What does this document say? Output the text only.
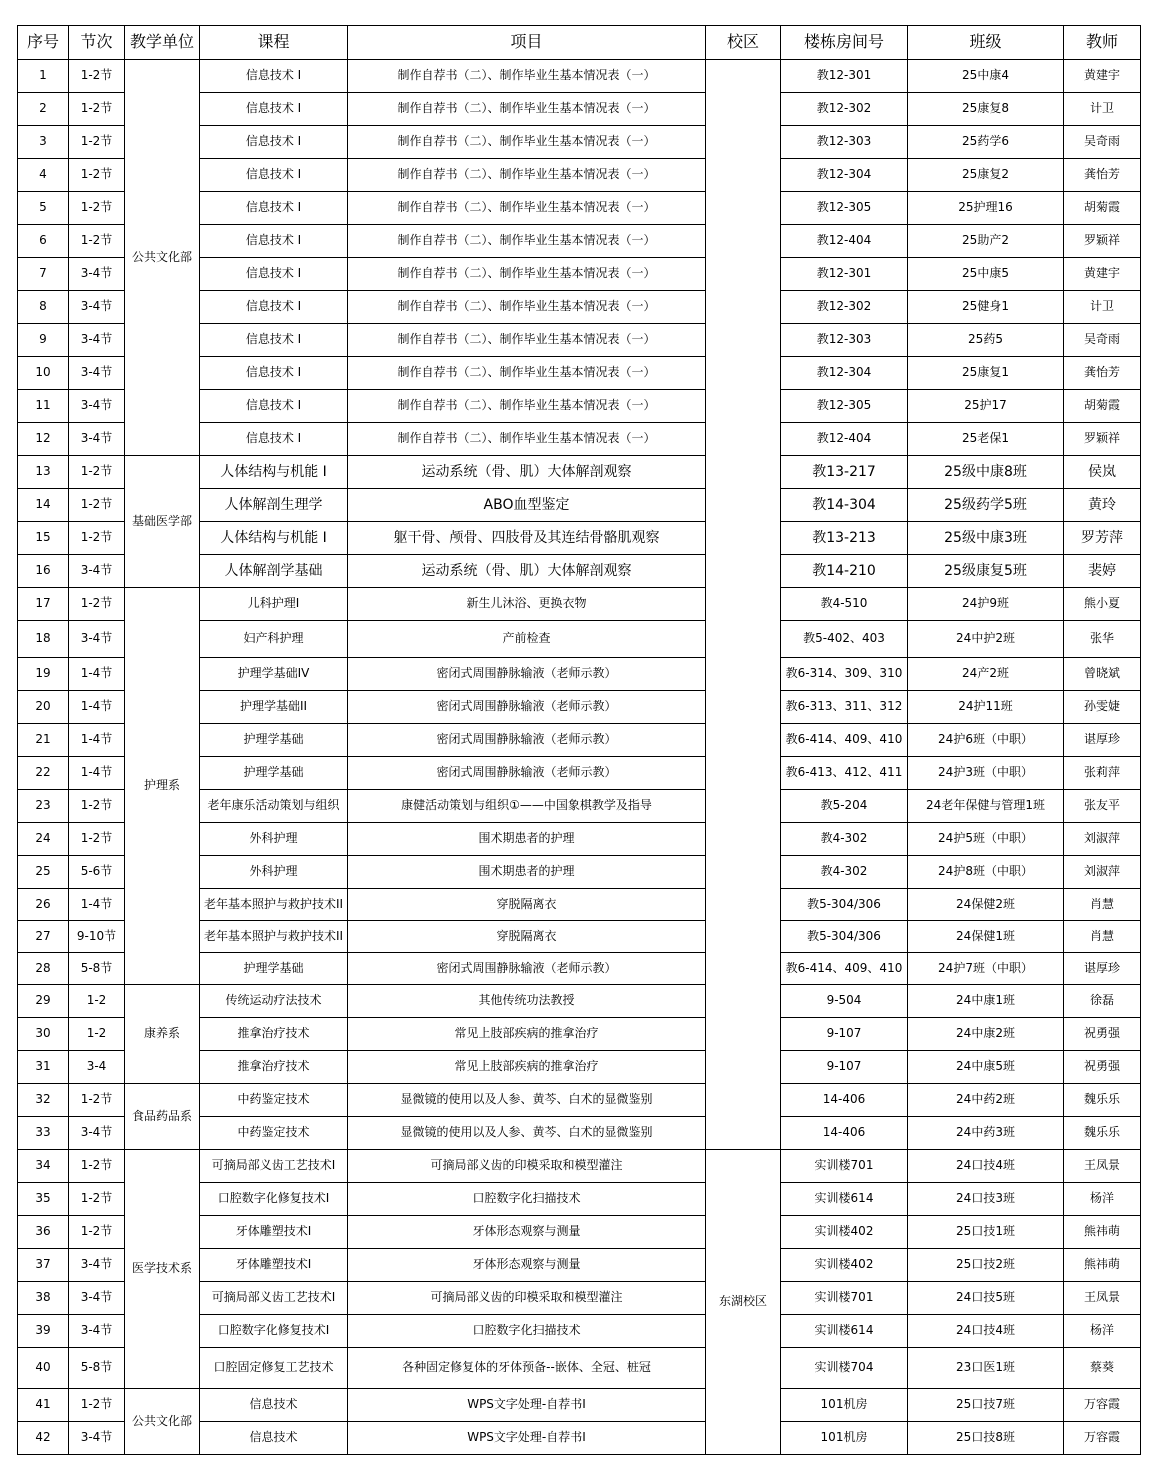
序号	节次	教学单位	课程	项目	校区	楼栋房间号	班级	教师
1	1-2节	公共文化部	信息技术 I	制作自荐书（二）、制作毕业生基本情况表（一）		教12-301	25中康4	黄建宇
2	1-2节		信息技术 I	制作自荐书（二）、制作毕业生基本情况表（一）		教12-302	25康复8	计卫
3	1-2节		信息技术 I	制作自荐书（二）、制作毕业生基本情况表（一）		教12-303	25药学6	吴奇雨
4	1-2节		信息技术 I	制作自荐书（二）、制作毕业生基本情况表（一）		教12-304	25康复2	龚怡芳
5	1-2节		信息技术 I	制作自荐书（二）、制作毕业生基本情况表（一）		教12-305	25护理16	胡菊霞
6	1-2节		信息技术 I	制作自荐书（二）、制作毕业生基本情况表（一）		教12-404	25助产2	罗颖祥
7	3-4节		信息技术 I	制作自荐书（二）、制作毕业生基本情况表（一）		教12-301	25中康5	黄建宇
8	3-4节		信息技术 I	制作自荐书（二）、制作毕业生基本情况表（一）		教12-302	25健身1	计卫
9	3-4节		信息技术 I	制作自荐书（二）、制作毕业生基本情况表（一）		教12-303	25药5	吴奇雨
10	3-4节		信息技术 I	制作自荐书（二）、制作毕业生基本情况表（一）		教12-304	25康复1	龚怡芳
11	3-4节		信息技术 I	制作自荐书（二）、制作毕业生基本情况表（一）		教12-305	25护17	胡菊霞
12	3-4节		信息技术 I	制作自荐书（二）、制作毕业生基本情况表（一）		教12-404	25老保1	罗颖祥
13	1-2节	基础医学部	人体结构与机能 I	运动系统（骨、肌）大体解剖观察		教13-217	25级中康8班	侯岚
14	1-2节		人体解剖生理学	ABO血型鉴定		教14-304	25级药学5班	黄玲
15	1-2节		人体结构与机能 I	躯干骨、颅骨、四肢骨及其连结骨骼肌观察		教13-213	25级中康3班	罗芳萍
16	3-4节		人体解剖学基础	运动系统（骨、肌）大体解剖观察		教14-210	25级康复5班	裴婷
17	1-2节	护理系	儿科护理I	新生儿沐浴、更换衣物		教4-510	24护9班	熊小夏
18	3-4节		妇产科护理	产前检查		教5-402、403	24中护2班	张华
19	1-4节		护理学基础IV	密闭式周围静脉输液（老师示教）		教6-314、309、310	24产2班	曾晓斌
20	1-4节		护理学基础II	密闭式周围静脉输液（老师示教）		教6-313、311、312	24护11班	孙雯婕
21	1-4节		护理学基础	密闭式周围静脉输液（老师示教）		教6-414、409、410	24护6班（中职）	谌厚珍
22	1-4节		护理学基础	密闭式周围静脉输液（老师示教）		教6-413、412、411	24护3班（中职）	张莉萍
23	1-2节		老年康乐活动策划与组织	康健活动策划与组织①——中国象棋教学及指导		教5-204	24老年保健与管理1班	张友平
24	1-2节		外科护理	围术期患者的护理		教4-302	24护5班（中职）	刘淑萍
25	5-6节		外科护理	围术期患者的护理		教4-302	24护8班（中职）	刘淑萍
26	1-4节		老年基本照护与救护技术II	穿脱隔离衣		教5-304/306	24保健2班	肖慧
27	9-10节		老年基本照护与救护技术II	穿脱隔离衣		教5-304/306	24保健1班	肖慧
28	5-8节		护理学基础	密闭式周围静脉输液（老师示教）		教6-414、409、410	24护7班（中职）	谌厚珍
29	1-2	康养系	传统运动疗法技术	其他传统功法教授		9-504	24中康1班	徐磊
30	1-2		推拿治疗技术	常见上肢部疾病的推拿治疗		9-107	24中康2班	祝勇强
31	3-4		推拿治疗技术	常见上肢部疾病的推拿治疗		9-107	24中康5班	祝勇强
32	1-2节	食品药品系	中药鉴定技术	显微镜的使用以及人参、黄芩、白术的显微鉴别		14-406	24中药2班	魏乐乐
33	3-4节		中药鉴定技术	显微镜的使用以及人参、黄芩、白术的显微鉴别		14-406	24中药3班	魏乐乐
34	1-2节	医学技术系	可摘局部义齿工艺技术I	可摘局部义齿的印模采取和模型灌注	东湖校区	实训楼701	24口技4班	王凤景
35	1-2节		口腔数字化修复技术I	口腔数字化扫描技术		实训楼614	24口技3班	杨洋
36	1-2节		牙体雕塑技术I	牙体形态观察与测量		实训楼402	25口技1班	熊祎萌
37	3-4节		牙体雕塑技术I	牙体形态观察与测量		实训楼402	25口技2班	熊祎萌
38	3-4节		可摘局部义齿工艺技术I	可摘局部义齿的印模采取和模型灌注		实训楼701	24口技5班	王凤景
39	3-4节		口腔数字化修复技术I	口腔数字化扫描技术		实训楼614	24口技4班	杨洋
40	5-8节		口腔固定修复工艺技术	各种固定修复体的牙体预备--嵌体、全冠、桩冠		实训楼704	23口医1班	蔡葵
41	1-2节	公共文化部	信息技术	WPS文字处理-自荐书I		101机房	25口技7班	万容霞
42	3-4节		信息技术	WPS文字处理-自荐书I		101机房	25口技8班	万容霞
